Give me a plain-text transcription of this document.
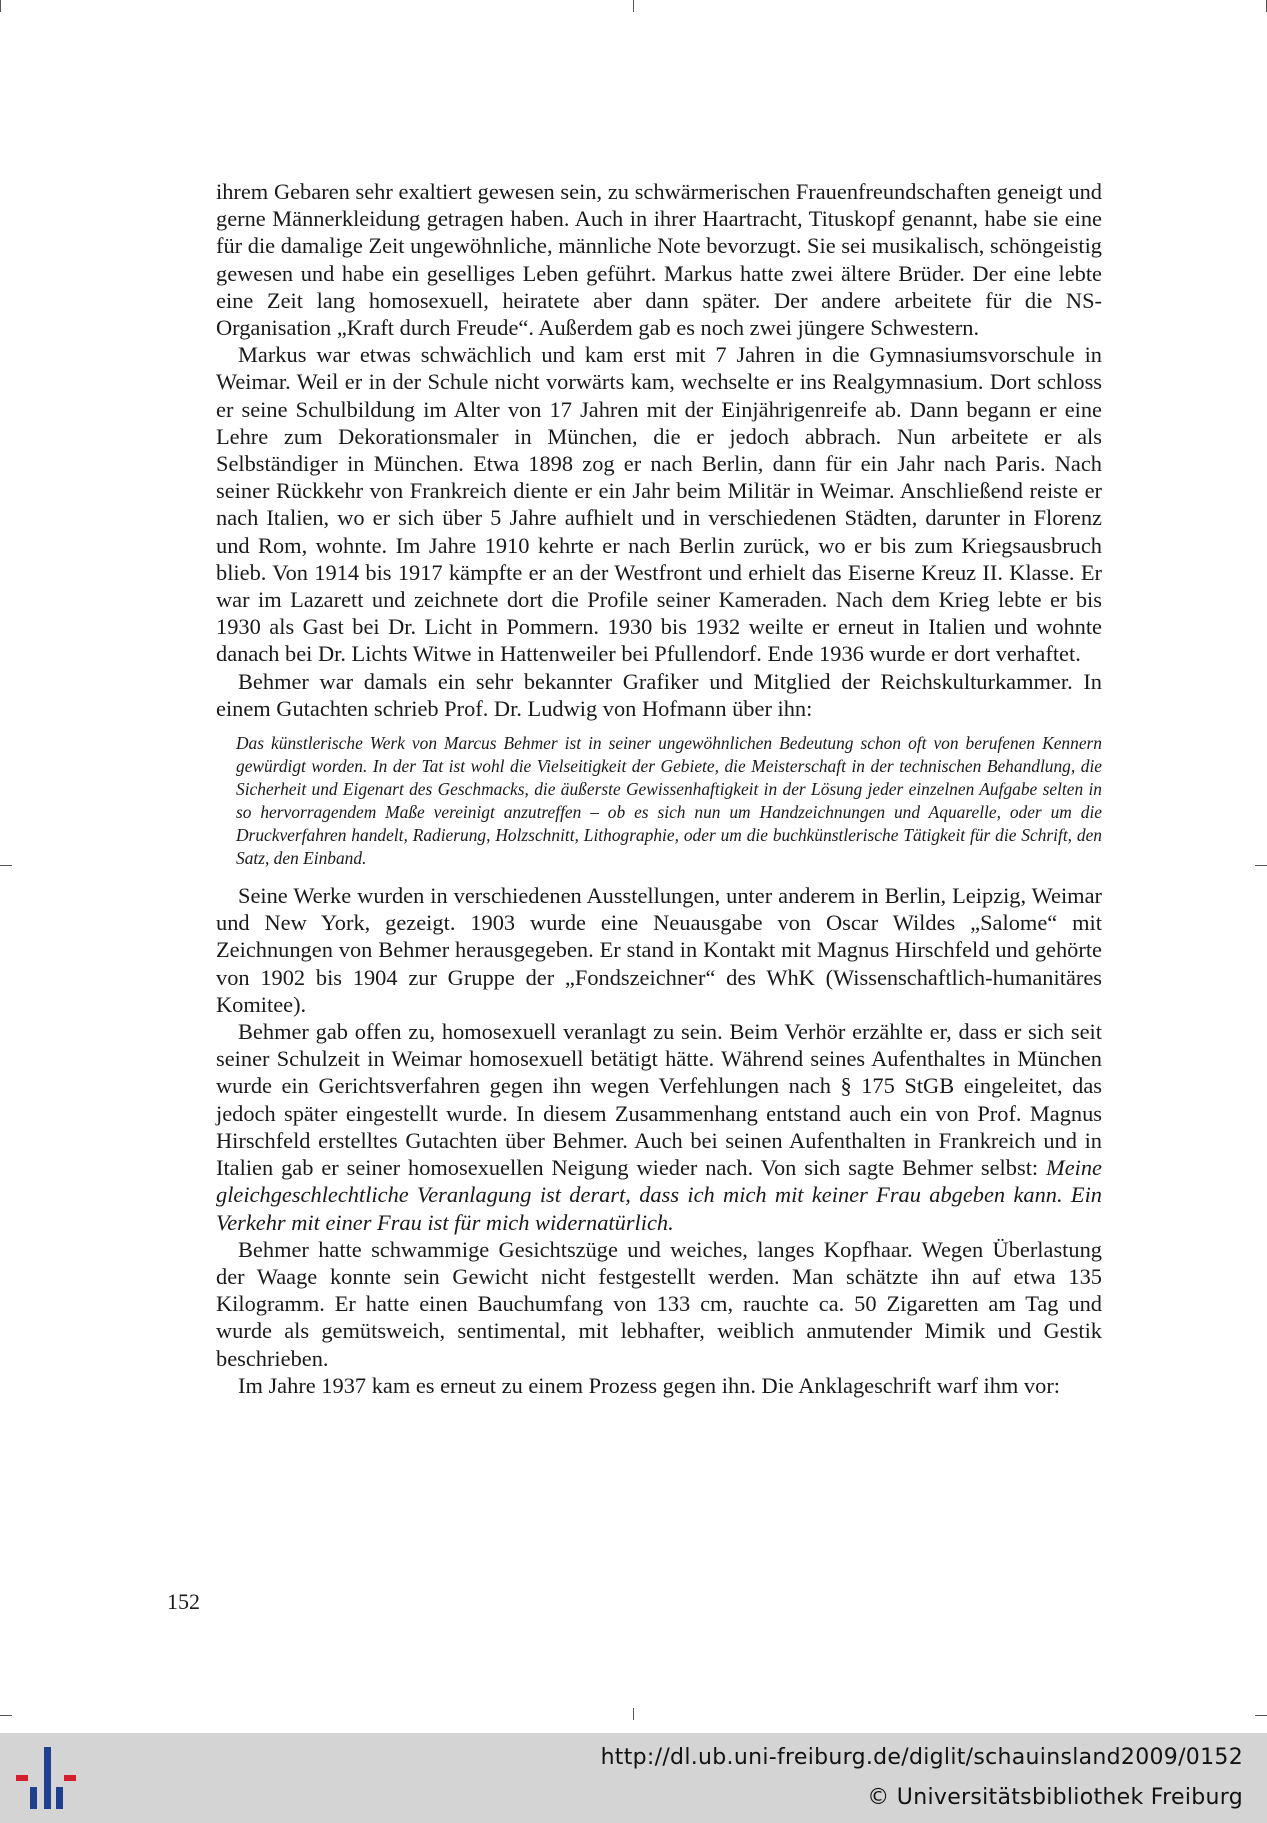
ihrem Gebaren sehr exaltiert gewesen sein, zu schwärmerischen Frauenfreundschaften geneigt und gerne Männerkleidung getragen haben. Auch in ihrer Haartracht, Tituskopf genannt, habe sie eine für die damalige Zeit ungewöhnliche, männliche Note bevorzugt. Sie sei musikalisch, schöngeistig gewesen und habe ein geselliges Leben geführt. Markus hatte zwei ältere Brüder. Der eine lebte eine Zeit lang homosexuell, heiratete aber dann später. Der andere arbeitete für die NS-Organisation „Kraft durch Freude“. Außerdem gab es noch zwei jüngere Schwestern.

Markus war etwas schwächlich und kam erst mit 7 Jahren in die Gymnasiumsvorschule in Weimar. Weil er in der Schule nicht vorwärts kam, wechselte er ins Realgymnasium. Dort schloss er seine Schulbildung im Alter von 17 Jahren mit der Einjährigenreife ab. Dann begann er eine Lehre zum Dekorationsmaler in München, die er jedoch abbrach. Nun arbeitete er als Selbständiger in München. Etwa 1898 zog er nach Berlin, dann für ein Jahr nach Paris. Nach seiner Rückkehr von Frankreich diente er ein Jahr beim Militär in Weimar. Anschließend reiste er nach Italien, wo er sich über 5 Jahre aufhielt und in verschiedenen Städten, darunter in Florenz und Rom, wohnte. Im Jahre 1910 kehrte er nach Berlin zurück, wo er bis zum Kriegsausbruch blieb. Von 1914 bis 1917 kämpfte er an der Westfront und erhielt das Eiserne Kreuz II. Klasse. Er war im Lazarett und zeichnete dort die Profile seiner Kameraden. Nach dem Krieg lebte er bis 1930 als Gast bei Dr. Licht in Pommern. 1930 bis 1932 weilte er erneut in Italien und wohnte danach bei Dr. Lichts Witwe in Hattenweiler bei Pfullendorf. Ende 1936 wurde er dort verhaftet.

Behmer war damals ein sehr bekannter Grafiker und Mitglied der Reichskulturkammer. In einem Gutachten schrieb Prof. Dr. Ludwig von Hofmann über ihn:

Das künstlerische Werk von Marcus Behmer ist in seiner ungewöhnlichen Bedeutung schon oft von berufenen Kennern gewürdigt worden. In der Tat ist wohl die Vielseitigkeit der Gebiete, die Meisterschaft in der technischen Behandlung, die Sicherheit und Eigenart des Geschmacks, die äußerste Gewissenhaftigkeit in der Lösung jeder einzelnen Aufgabe selten in so hervorragendem Maße vereinigt anzutreffen – ob es sich nun um Handzeichnungen und Aquarelle, oder um die Druckverfahren handelt, Radierung, Holzschnitt, Lithographie, oder um die buchkünstlerische Tätigkeit für die Schrift, den Satz, den Einband.

Seine Werke wurden in verschiedenen Ausstellungen, unter anderem in Berlin, Leipzig, Weimar und New York, gezeigt. 1903 wurde eine Neuausgabe von Oscar Wildes „Salome“ mit Zeichnungen von Behmer herausgegeben. Er stand in Kontakt mit Magnus Hirschfeld und gehörte von 1902 bis 1904 zur Gruppe der „Fondszeichner“ des WhK (Wissenschaftlich-humanitäres Komitee).

Behmer gab offen zu, homosexuell veranlagt zu sein. Beim Verhör erzählte er, dass er sich seit seiner Schulzeit in Weimar homosexuell betätigt hätte. Während seines Aufenthaltes in München wurde ein Gerichtsverfahren gegen ihn wegen Verfehlungen nach § 175 StGB eingeleitet, das jedoch später eingestellt wurde. In diesem Zusammenhang entstand auch ein von Prof. Magnus Hirschfeld erstelltes Gutachten über Behmer. Auch bei seinen Aufenthalten in Frankreich und in Italien gab er seiner homosexuellen Neigung wieder nach. Von sich sagte Behmer selbst: Meine gleichgeschlechtliche Veranlagung ist derart, dass ich mich mit keiner Frau abgeben kann. Ein Verkehr mit einer Frau ist für mich widernatürlich.

Behmer hatte schwammige Gesichtszüge und weiches, langes Kopfhaar. Wegen Überlastung der Waage konnte sein Gewicht nicht festgestellt werden. Man schätzte ihn auf etwa 135 Kilogramm. Er hatte einen Bauchumfang von 133 cm, rauchte ca. 50 Zigaretten am Tag und wurde als gemütsweich, sentimental, mit lebhafter, weiblich anmutender Mimik und Gestik beschrieben.

Im Jahre 1937 kam es erneut zu einem Prozess gegen ihn. Die Anklageschrift warf ihm vor:

152
http://dl.ub.uni-freiburg.de/diglit/schauinsland2009/0152
© Universitätsbibliothek Freiburg
